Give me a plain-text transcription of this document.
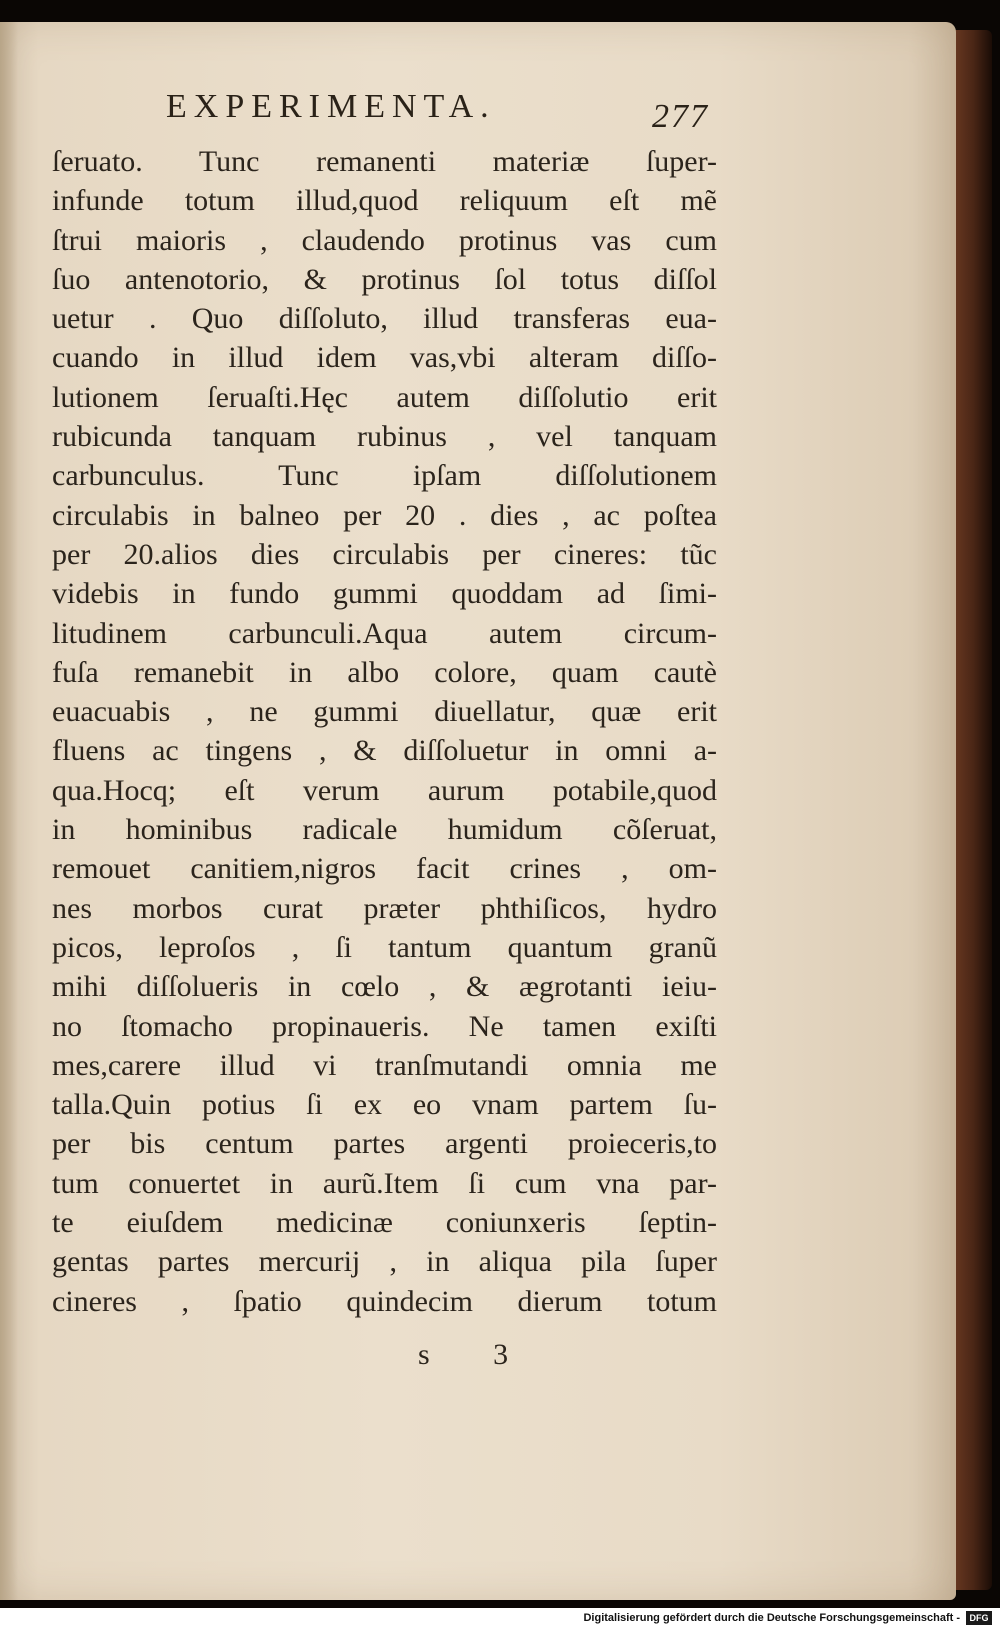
EXPERIMENTA.	277
ſeruato. Tunc remanenti materiæ ſuper-
infunde totum illud,quod reliquum eſt mẽ
ſtrui maioris , claudendo protinus vas cum
ſuo antenotorio, & protinus ſol totus diſſol
uetur . Quo diſſoluto, illud transferas eua-
cuando in illud idem vas,vbi alteram diſſo-
lutionem ſeruaſti.Hęc autem diſſolutio erit
rubicunda tanquam rubinus , vel tanquam
carbunculus. Tunc ipſam diſſolutionem
circulabis in balneo per 20 . dies , ac poſtea
per 20.alios dies circulabis per cineres: tũc
videbis in fundo gummi quoddam ad ſimi-
litudinem carbunculi.Aqua autem circum-
fuſa remanebit in albo colore, quam cautè
euacuabis , ne gummi diuellatur, quæ erit
fluens ac tingens , & diſſoluetur in omni a-
qua.Hocq; eſt verum aurum potabile,quod
in hominibus radicale humidum cõſeruat,
remouet canitiem,nigros facit crines , om-
nes morbos curat præter phthiſicos, hydro
picos, leproſos , ſi tantum quantum granũ
mihi diſſolueris in cœlo , & ægrotanti ieiu-
no ſtomacho propinaueris. Ne tamen exiſti
mes,carere illud vi tranſmutandi omnia me
talla.Quin potius ſi ex eo vnam partem ſu-
per bis centum partes argenti proieceris,to
tum conuertet in aurũ.Item ſi cum vna par-
te eiuſdem medicinæ coniunxeris ſeptin-
gentas partes mercurij , in aliqua pila ſuper
cineres , ſpatio quindecim dierum totum
s 3
Digitalisierung gefördert durch die Deutsche Forschungsgemeinschaft -	DFG
